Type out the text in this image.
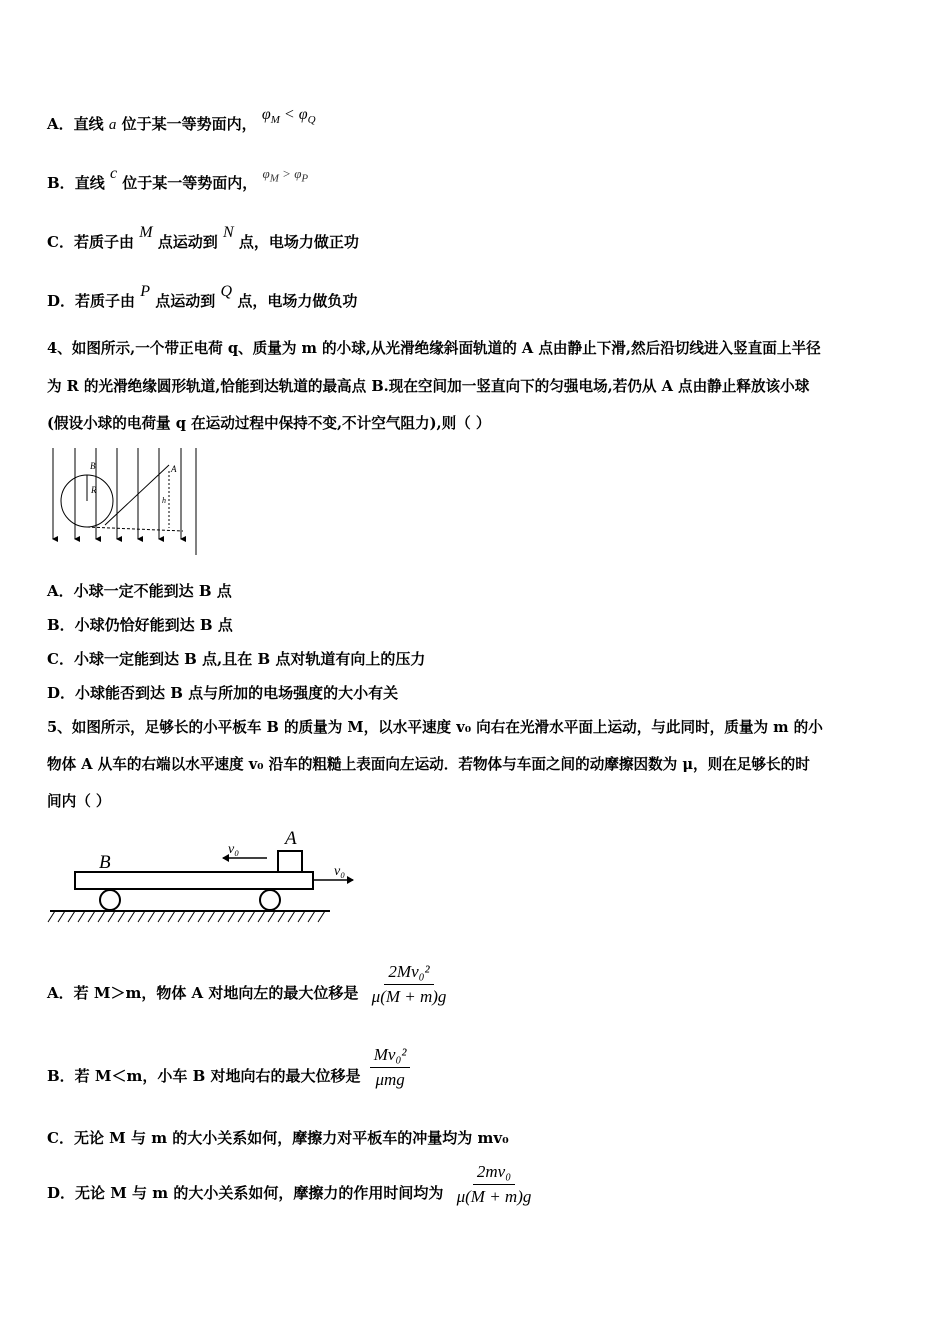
A．直线 a 位于某一等势面内， $\varphi_M < \varphi_Q$
B．直线 c 位于某一等势面内， $\varphi_M > \varphi_P$
C．若质子由 M 点运动到 N 点，电场力做正功
D．若质子由 P 点运动到 Q 点，电场力做负功
4、如图所示,一个带正电荷 q、质量为 m 的小球,从光滑绝缘斜面轨道的 A 点由静止下滑,然后沿切线进入竖直面上半径
为 R 的光滑绝缘圆形轨道,恰能到达轨道的最高点 B.现在空间加一竖直向下的匀强电场,若仍从 A 点由静止释放该小球
(假设小球的电荷量 q 在运动过程中保持不变,不计空气阻力),则（ ）
B
R
A
h
A．小球一定不能到达 B 点
B．小球仍恰好能到达 B 点
C．小球一定能到达 B 点,且在 B 点对轨道有向上的压力
D．小球能否到达 B 点与所加的电场强度的大小有关
5、如图所示，足够长的小平板车 B 的质量为 M，以水平速度 v₀ 向右在光滑水平面上运动，与此同时，质量为 m 的小
物体 A 从车的右端以水平速度 v₀ 沿车的粗糙上表面向左运动．若物体与车面之间的动摩擦因数为 μ，则在足够长的时
间内（ ）
B
A
v₀
v₀
A．若 M＞m，物体 A 对地向左的最大位移是 $\frac{\text{2Mv₀²}}{\mu(M + m)g}$
B．若 M＜m，小车 B 对地向右的最大位移是 $\frac{\text{Mv₀²}}{\text{μmg}}$
C．无论 M 与 m 的大小关系如何，摩擦力对平板车的冲量均为 mv₀
D．无论 M 与 m 的大小关系如何，摩擦力的作用时间均为 $\frac{\text{2mv₀}}{\mu(M + m)g}$
